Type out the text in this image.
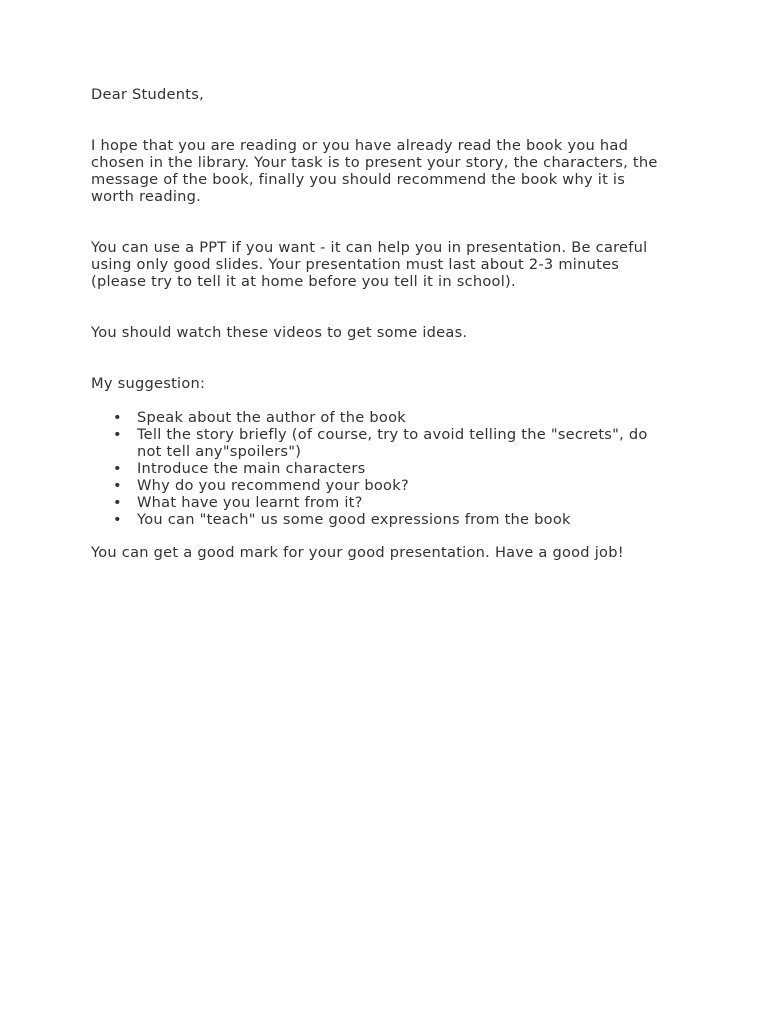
Dear Students,

I hope that you are reading or you have already read the book you had chosen in the library. Your task is to present your story, the characters, the message of the book, finally you should recommend the book why it is worth reading.

You can use a PPT if you want - it can help you in presentation. Be careful using only good slides. Your presentation must last about 2-3 minutes (please try to tell it at home before you tell it in school).

You should watch these videos to get some ideas.

My suggestion:

• Speak about the author of the book
• Tell the story briefly (of course, try to avoid telling the "secrets", do not tell any"spoilers")
• Introduce the main characters
• Why do you recommend your book?
• What have you learnt from it?
• You can "teach" us some good expressions from the book

You can get a good mark for your good presentation. Have a good job!
